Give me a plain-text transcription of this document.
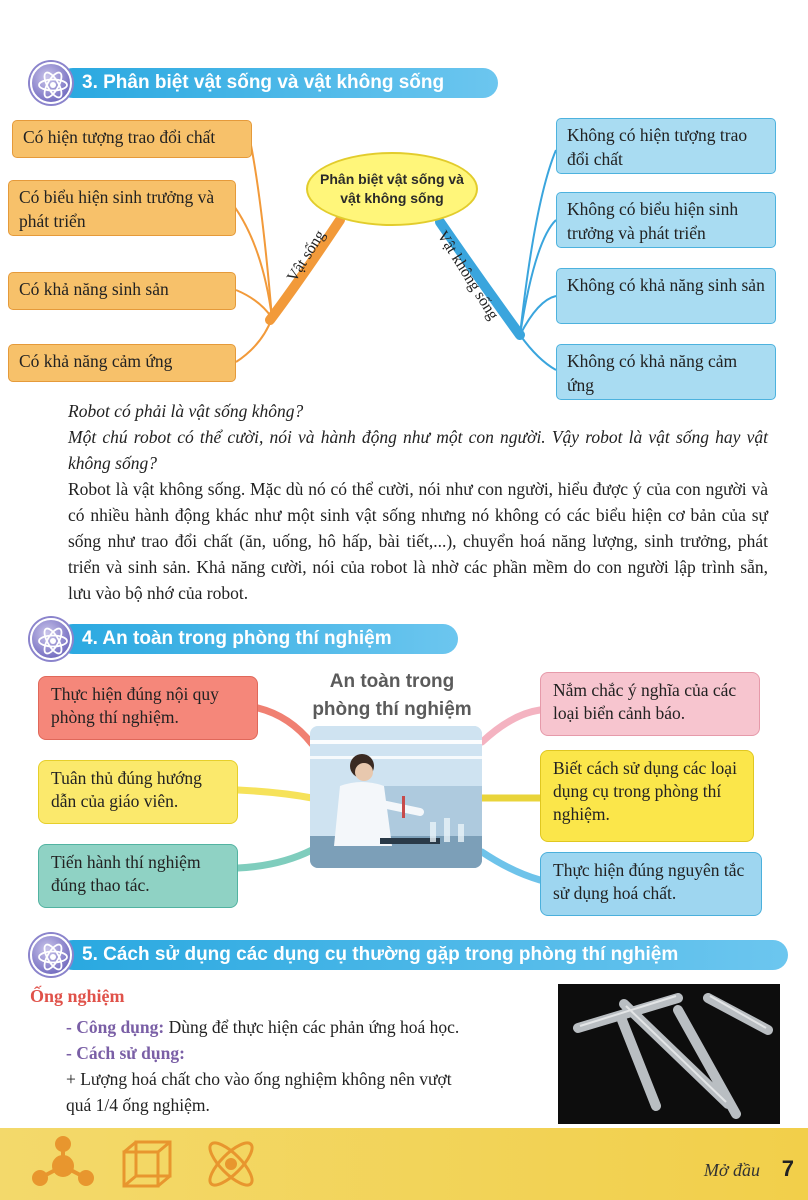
3. Phân biệt vật sống và vật không sống
Phân biệt vật sống và vật không sống
Vật sống	Vật không sống
Có hiện tượng trao đổi chất
Có biểu hiện sinh trưởng và phát triển
Có khả năng sinh sản
Có khả năng cảm ứng
Không có hiện tượng trao đổi chất
Không có biểu hiện sinh trưởng và phát triển
Không có khả năng sinh sản
Không có khả năng cảm ứng
Robot có phải là vật sống không?
Một chú robot có thể cười, nói và hành động như một con người. Vậy robot là vật sống hay vật không sống?
Robot là vật không sống. Mặc dù nó có thể cười, nói như con người, hiểu được ý của con người và có nhiều hành động khác như một sinh vật sống nhưng nó không có các biểu hiện cơ bản của sự sống như trao đổi chất (ăn, uống, hô hấp, bài tiết,...), chuyển hoá năng lượng, sinh trưởng, phát triển và sinh sản. Khả năng cười, nói của robot là nhờ các phần mềm do con người lập trình sẵn, lưu vào bộ nhớ của robot.
4. An toàn trong phòng thí nghiệm
An toàn trong
phòng thí nghiệm
Thực hiện đúng nội quy phòng thí nghiệm.
Tuân thủ đúng hướng dẫn của giáo viên.
Tiến hành thí nghiệm đúng thao tác.
Nắm chắc ý nghĩa của các loại biển cảnh báo.
Biết cách sử dụng các loại dụng cụ trong phòng thí nghiệm.
Thực hiện đúng nguyên tắc sử dụng hoá chất.
5. Cách sử dụng các dụng cụ thường gặp trong phòng thí nghiệm
Ống nghiệm
- Công dụng: Dùng để thực hiện các phản ứng hoá học.
- Cách sử dụng:
+ Lượng hoá chất cho vào ống nghiệm không nên vượt
quá 1/4 ống nghiệm.
Mở đầu 7
